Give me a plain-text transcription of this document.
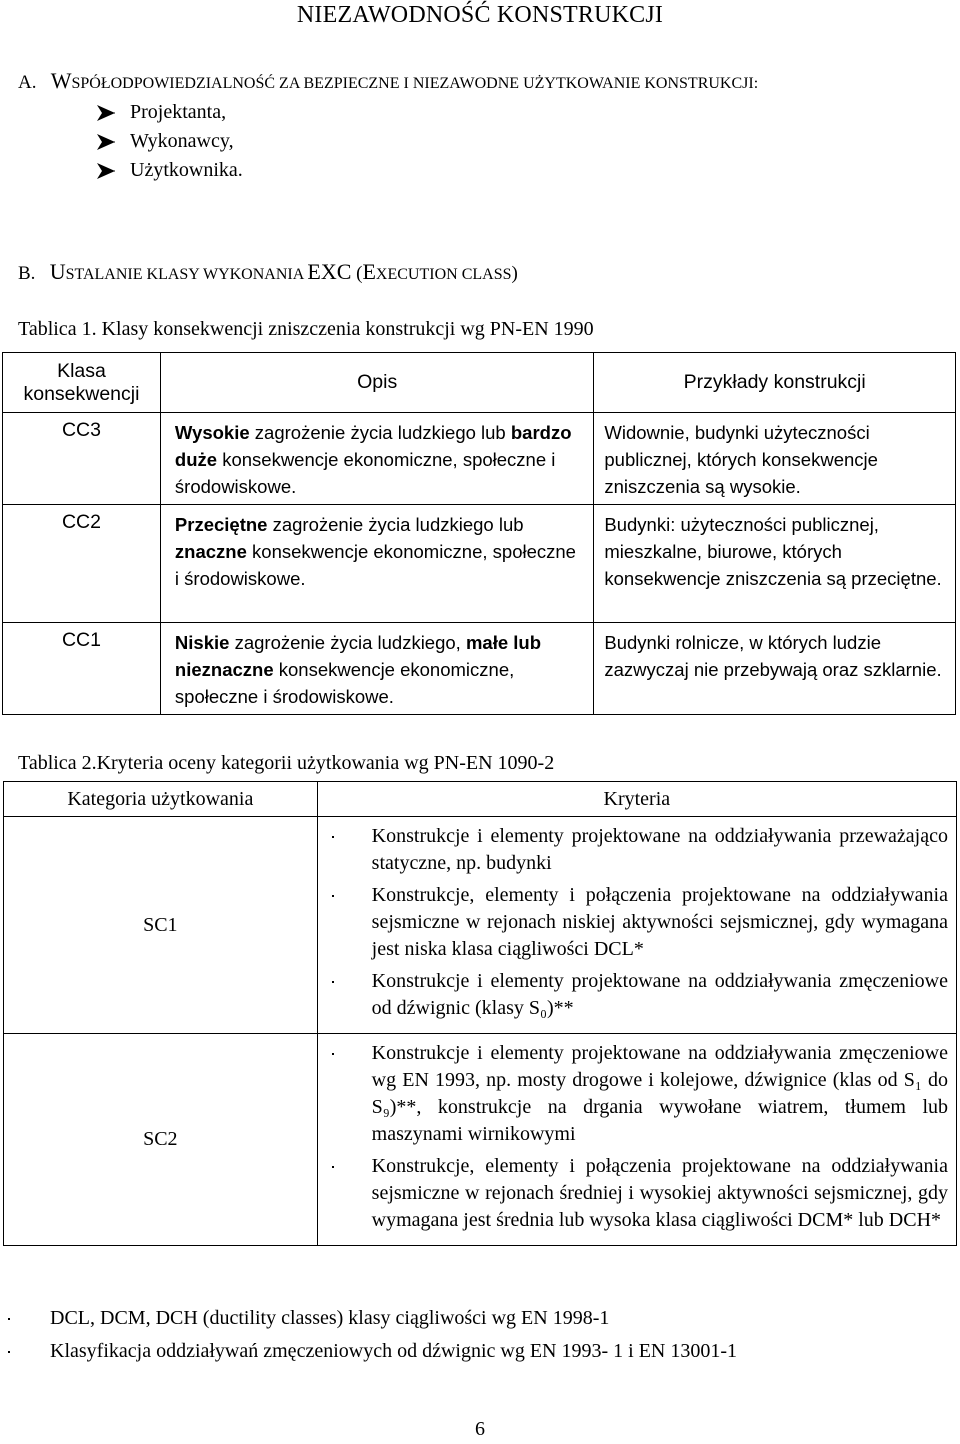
NIEZAWODNOŚĆ KONSTRUKCJI
A. WSPÓŁODPOWIEDZIALNOŚĆ ZA BEZPIECZNE I NIEZAWODNE UŻYTKOWANIE KONSTRUKCJI:
Projektanta,
Wykonawcy,
Użytkownika.
B. USTALANIE KLASY WYKONANIA EXC (EXECUTION CLASS)
Tablica 1. Klasy konsekwencji zniszczenia konstrukcji wg PN-EN 1990
Klasa
konsekwencji	Opis	Przykłady konstrukcji
CC3	Wysokie zagrożenie życia ludzkiego lub bardzo duże konsekwencje ekonomiczne, społeczne i środowiskowe.	Widownie, budynki użyteczności publicznej, których konsekwencje zniszczenia są wysokie.
CC2	Przeciętne zagrożenie życia ludzkiego lub znaczne konsekwencje ekonomiczne, społeczne i środowiskowe.	Budynki: użyteczności publicznej, mieszkalne, biurowe, których konsekwencje zniszczenia są przeciętne.
CC1	Niskie zagrożenie życia ludzkiego, małe lub nieznaczne konsekwencje ekonomiczne, społeczne i środowiskowe.	Budynki rolnicze, w których ludzie zazwyczaj nie przebywają oraz szklarnie.
Tablica 2.Kryteria oceny kategorii użytkowania wg PN-EN 1090-2
Kategoria użytkowania	Kryteria
SC1	Konstrukcje i elementy projektowane na oddziaływania przeważająco statyczne, np. budynki
Konstrukcje, elementy i połączenia projektowane na oddziaływania sejsmiczne w rejonach niskiej aktywności sejsmicznej, gdy wymagana jest niska klasa ciągliwości DCL*
Konstrukcje i elementy projektowane na oddziaływania zmęczeniowe od dźwignic (klasy S₀)**

SC2	Konstrukcje i elementy projektowane na oddziaływania zmęczeniowe wg EN 1993, np. mosty drogowe i kolejowe, dźwignice (klas od S₁ do S₉)**, konstrukcje na drgania wywołane wiatrem, tłumem lub maszynami wirnikowymi
Konstrukcje, elementy i połączenia projektowane na oddziaływania sejsmiczne w rejonach średniej i wysokiej aktywności sejsmicznej, gdy wymagana jest średnia lub wysoka klasa ciągliwości DCM* lub DCH*
DCL, DCM, DCH (ductility classes) klasy ciągliwości wg EN 1998-1
Klasyfikacja oddziaływań zmęczeniowych od dźwignic wg EN 1993- 1 i EN 13001-1
6
